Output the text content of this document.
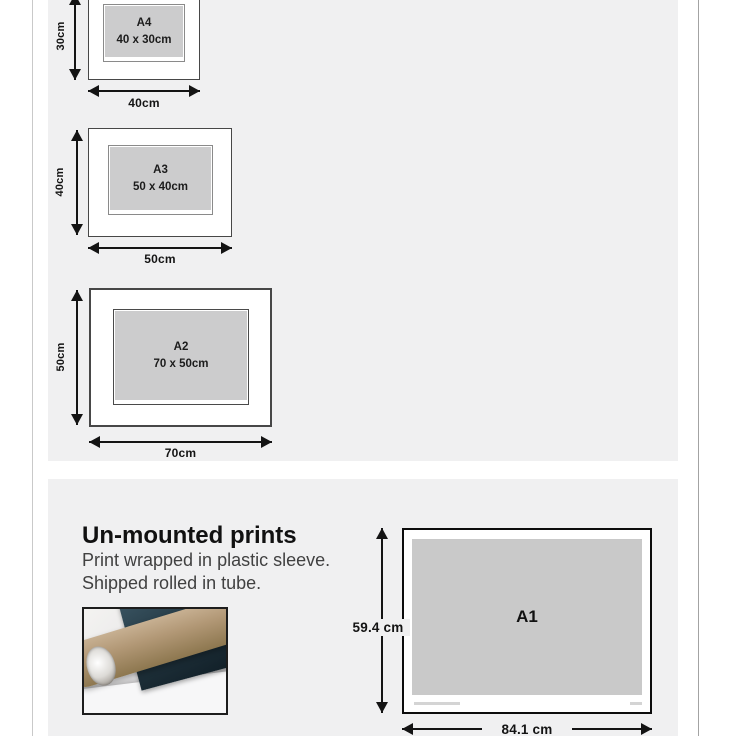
A4
40 x 30cm
30cm
40cm
A3
50 x 40cm
40cm
50cm
A2
70 x 50cm
50cm
70cm
Un-mounted prints
Print wrapped in plastic sleeve.
Shipped rolled in tube.
A1
59.4 cm
84.1 cm
